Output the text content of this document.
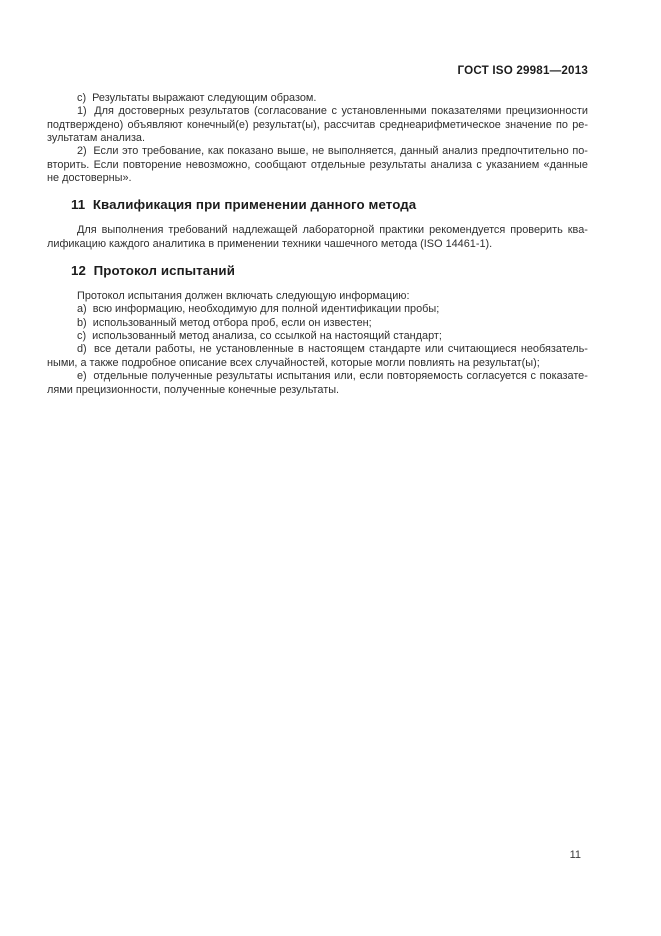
ГОСТ ISO 29981—2013
c)  Результаты выражают следующим образом.
1) Для достоверных результатов (согласование с установленными показателями прецизионности
подтверждено) объявляют конечный(е) результат(ы), рассчитав среднеарифметическое значение по ре-
зультатам анализа.
2) Если это требование, как показано выше, не выполняется, данный анализ предпочтительно по-
вторить. Если повторение невозможно, сообщают отдельные результаты анализа с указанием «данные
не достоверны».
11  Квалификация при применении данного метода
Для выполнения требований надлежащей лабораторной практики рекомендуется проверить ква-
лификацию каждого аналитика в применении техники чашечного метода (ISO 14461-1).
12  Протокол испытаний
Протокол испытания должен включать следующую информацию:
a)  всю информацию, необходимую для полной идентификации пробы;
b)  использованный метод отбора проб, если он известен;
c)  использованный метод анализа, со ссылкой на настоящий стандарт;
d) все детали работы, не установленные в настоящем стандарте или считающиеся необязатель-
ными, а также подробное описание всех случайностей, которые могли повлиять на результат(ы);
e) отдельные полученные результаты испытания или, если повторяемость согласуется с показате-
лями прецизионности, полученные конечные результаты.
11
